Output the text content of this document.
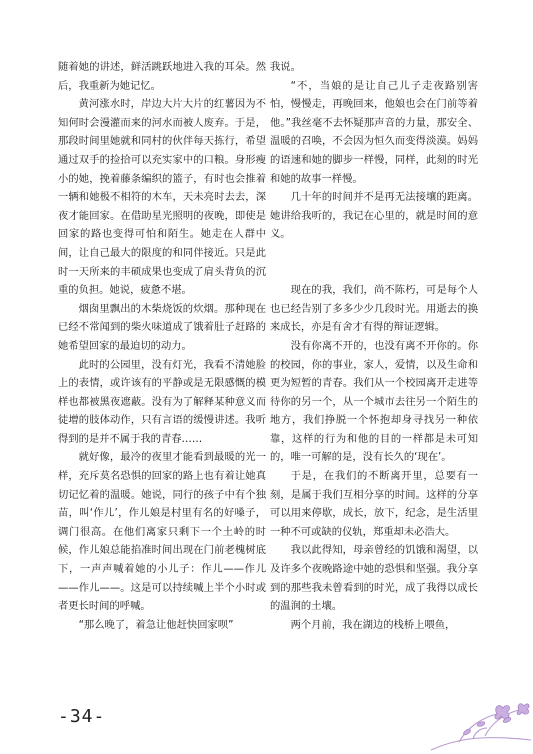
随着她的讲述，鲜活跳跃地进入我的耳朵。然后，我重新为她记忆。

黄河涨水时，岸边大片大片的红薯因为不知何时会漫灌而来的河水而被人废弃。于是，那段时间里她就和同村的伙伴每天拣行，希望通过双手的捡拾可以充实家中的口粮。身形瘦小的她，挽着藤条编织的篮子，有时也会推着一辆和她极不相符的木车，天未亮时去去，深夜才能回家。在借助星光照明的夜晚，即使是回家的路也变得可怕和陌生。她走在人群中间，让自己最大的限度的和同伴接近。只是此时一天所来的丰硕成果也变成了肩头背负的沉重的负担。她说，疲惫不堪。

烟囱里飘出的木柴烧饭的炊烟。那种现在已经不常闻到的柴火味道成了饿着肚子赶路的她希望回家的最迫切的动力。

此时的公园里，没有灯光，我看不清她脸上的表情，或许该有的平静或是无限感慨的模样也都被黑夜遮蔽。没有为了解释某种意义而徒增的肢体动作，只有言语的缓慢讲述。我听得到的是并不属于我的青春……

就好像，最冷的夜里才能看到最暖的光一样，充斥莫名恐惧的回家的路上也有着让她真切记忆着的温暖。她说，同行的孩子中有个独苗，叫‘作儿’，作儿娘是村里有名的好嗓子，调门很高。在他们离家只剩下一个土岭的时候，作儿娘总能掐准时间出现在门前老槐树底下，一声声喊着她的小儿子：作儿——作儿——作儿——。这是可以持续喊上半个小时或者更长时间的呼喊。

“那么晚了，着急让他赶快回家呗”

我说。

“不，当娘的是让自己儿子走夜路别害怕，慢慢走，再晚回来，他娘也会在门前等着他。”我丝毫不去怀疑那声音的力量，那安全、温暖的召唤，不会因为恒久而变得淡漠。妈妈的语速和她的脚步一样慢，同样，此刻的时光和她的故事一样慢。

几十年的时间并不是再无法接壤的距离。她讲给我听的，我记在心里的，就是时间的意义。

现在的我，我们，尚不陈朽，可是每个人也已经告别了多多少少几段时光。用逝去的换来成长，亦是有舍才有得的辩证逻辑。

没有你离不开的，也没有离不开你的。你的校园，你的事业，家人，爱情，以及生命和更为短暂的青春。我们从一个校园离开走进等待你的另一个，从一个城市去往另一个陌生的地方，我们挣脱一个怀抱却身寻找另一种依靠，这样的行为和他的目的一样都是未可知的，唯一可解的是，没有长久的‘现在’。

于是，在我们的不断离开里，总要有一刻，是属于我们互相分享的时间。这样的分享可以用来停歇，成长，放下，纪念，是生活里一种不可或缺的仪轨，郑重却未必浩大。

我以此得知，母亲曾经的饥饿和渴望，以及许多个夜晚路途中她的恐惧和坚强。我分享到的那些我未曾看到的时光，成了我得以成长的温润的土壤。

两个月前，我在湖边的栈桥上喂鱼，

-34-
